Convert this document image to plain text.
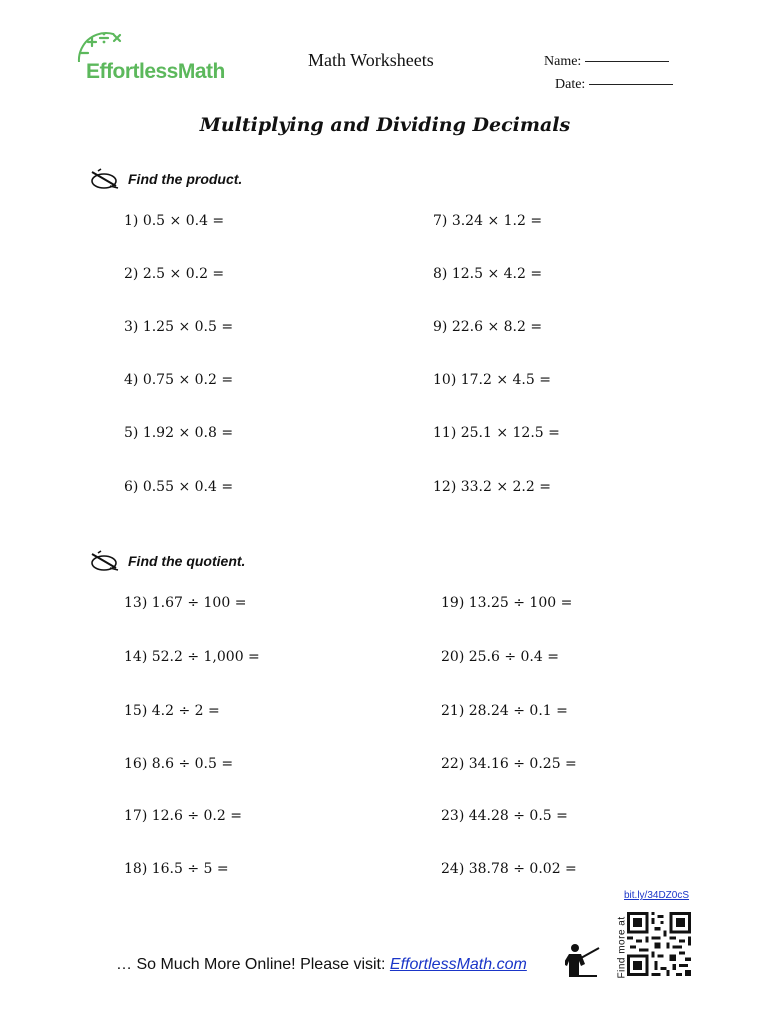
EffortlessMath	Math Worksheets	Name:
Date:
Multiplying and Dividing Decimals
Find the product.
1) 0.5 × 0.4 =
2) 2.5 × 0.2 =
3) 1.25 × 0.5 =
4) 0.75 × 0.2 =
5) 1.92 × 0.8 =
6) 0.55 × 0.4 =
7) 3.24 × 1.2 =
8) 12.5 × 4.2 =
9) 22.6 × 8.2 =
10) 17.2 × 4.5 =
11) 25.1 × 12.5 =
12) 33.2 × 2.2 =
Find the quotient.
13) 1.67 ÷ 100 =
14) 52.2 ÷ 1,000 =
15) 4.2 ÷ 2 =
16) 8.6 ÷ 0.5 =
17) 12.6 ÷ 0.2 =
18) 16.5 ÷ 5 =
19) 13.25 ÷ 100 =
20) 25.6 ÷ 0.4 =
21) 28.24 ÷ 0.1 =
22) 34.16 ÷ 0.25 =
23) 44.28 ÷ 0.5 =
24) 38.78 ÷ 0.02 =
bit.ly/34DZ0cS
Find more at
… So Much More Online! Please visit: EffortlessMath.com
